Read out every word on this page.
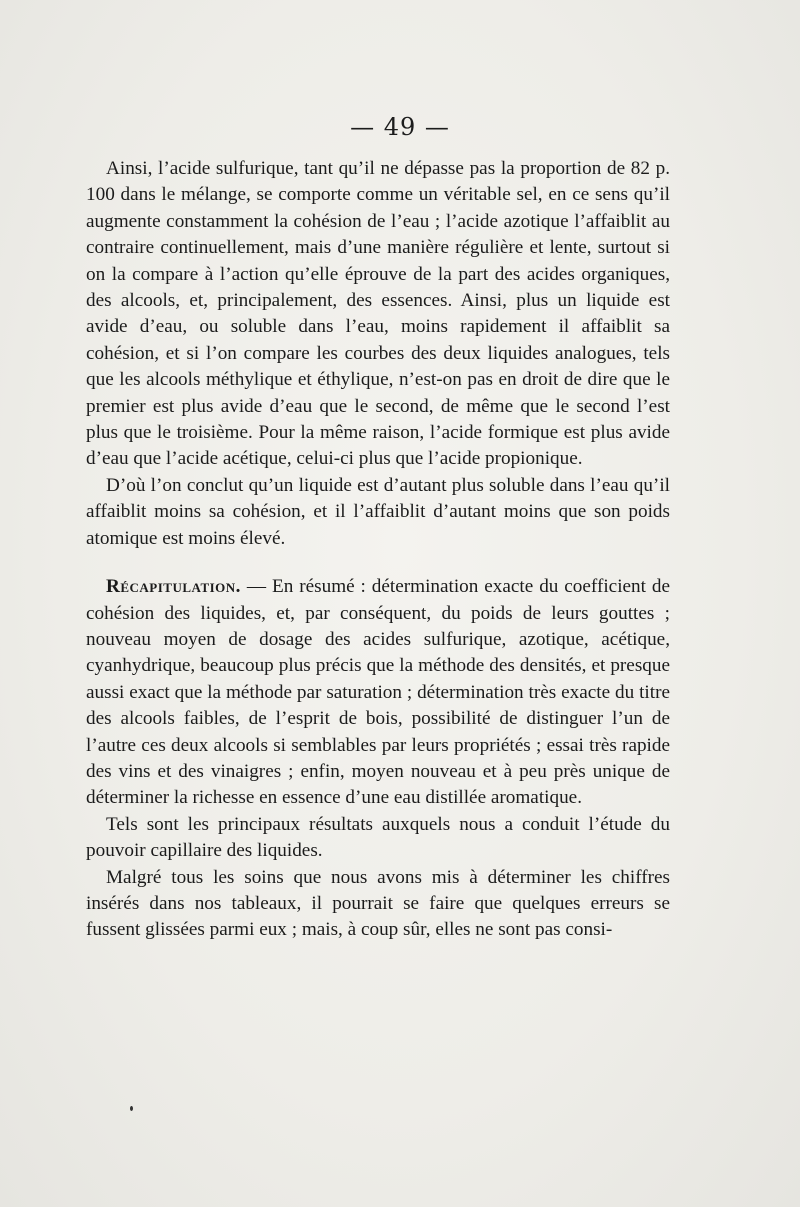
— 49 —

Ainsi, l’acide sulfurique, tant qu’il ne dépasse pas la proportion de 82 p. 100 dans le mélange, se comporte comme un véritable sel, en ce sens qu’il augmente constamment la cohésion de l’eau ; l’acide azotique l’affaiblit au contraire continuellement, mais d’une manière régulière et lente, surtout si on la compare à l’action qu’elle éprouve de la part des acides organiques, des alcools, et, principalement, des essences. Ainsi, plus un liquide est avide d’eau, ou soluble dans l’eau, moins rapidement il affaiblit sa cohésion, et si l’on compare les courbes des deux liquides analogues, tels que les alcools méthylique et éthylique, n’est-on pas en droit de dire que le premier est plus avide d’eau que le second, de même que le second l’est plus que le troisième. Pour la même raison, l’acide formique est plus avide d’eau que l’acide acétique, celui-ci plus que l’acide propionique.

D’où l’on conclut qu’un liquide est d’autant plus soluble dans l’eau qu’il affaiblit moins sa cohésion, et il l’affaiblit d’autant moins que son poids atomique est moins élevé.

Récapitulation. — En résumé : détermination exacte du coefficient de cohésion des liquides, et, par conséquent, du poids de leurs gouttes ; nouveau moyen de dosage des acides sulfurique, azotique, acétique, cyanhydrique, beaucoup plus précis que la méthode des densités, et presque aussi exact que la méthode par saturation ; détermination très exacte du titre des alcools faibles, de l’esprit de bois, possibilité de distinguer l’un de l’autre ces deux alcools si semblables par leurs propriétés ; essai très rapide des vins et des vinaigres ; enfin, moyen nouveau et à peu près unique de déterminer la richesse en essence d’une eau distillée aromatique.

Tels sont les principaux résultats auxquels nous a conduit l’étude du pouvoir capillaire des liquides.

Malgré tous les soins que nous avons mis à déterminer les chiffres insérés dans nos tableaux, il pourrait se faire que quelques erreurs se fussent glissées parmi eux ; mais, à coup sûr, elles ne sont pas consi-
